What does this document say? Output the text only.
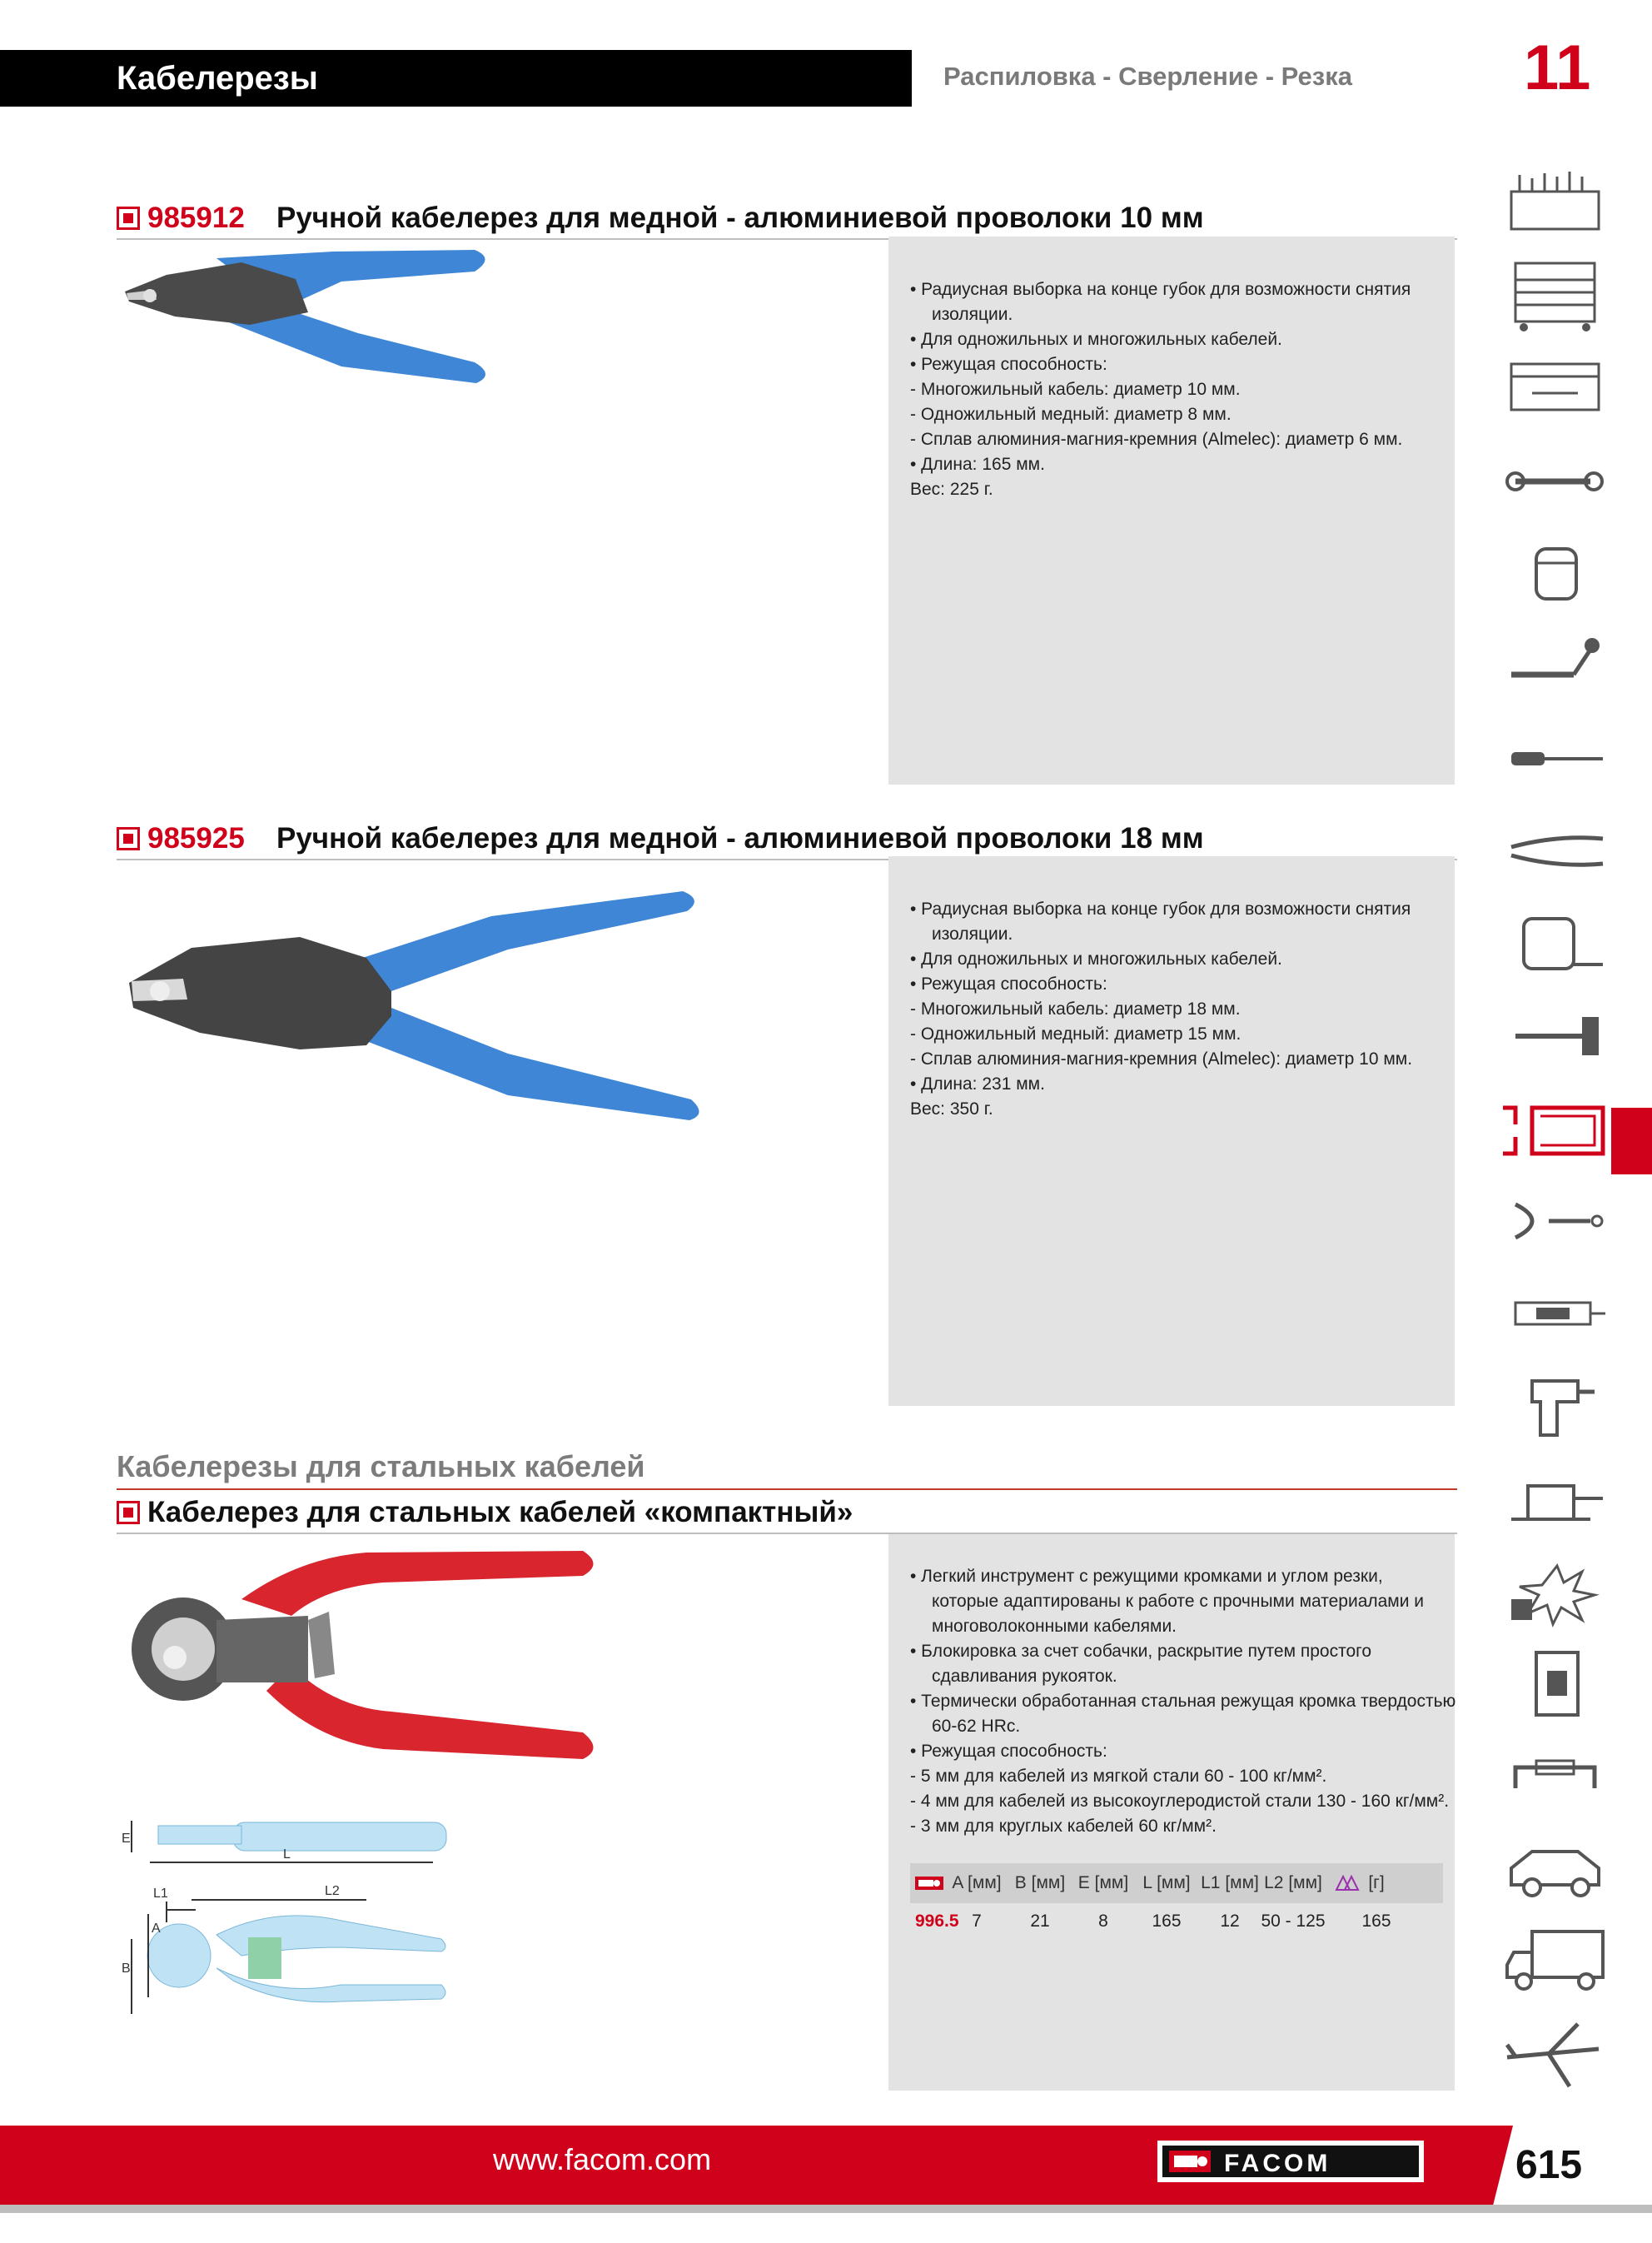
Кабелерезы	Распиловка - Сверление - Резка	11
985912 Ручной кабелерез для медной - алюминиевой проволоки 10 мм
• Радиусная выборка на конце губок для возможности снятия
изоляции.
• Для одножильных и многожильных кабелей.
• Режущая способность:
- Многожильный кабель: диаметр 10 мм.
- Одножильный медный: диаметр 8 мм.
- Сплав алюминия-магния-кремния (Almelec): диаметр 6 мм.
• Длина: 165 мм.
Вес: 225 г.
985925 Ручной кабелерез для медной - алюминиевой проволоки 18 мм
• Радиусная выборка на конце губок для возможности снятия
изоляции.
• Для одножильных и многожильных кабелей.
• Режущая способность:
- Многожильный кабель: диаметр 18 мм.
- Одножильный медный: диаметр 15 мм.
- Сплав алюминия-магния-кремния (Almelec): диаметр 10 мм.
• Длина: 231 мм.
Вес: 350 г.
Кабелерезы для стальных кабелей
Кабелерез для стальных кабелей «компактный»
E
L
L1	L2
A
B
• Легкий инструмент с режущими кромками и углом резки,
которые адаптированы к работе с прочными материалами и
многоволоконными кабелями.
• Блокировка за счет собачки, раскрытие путем простого
сдавливания рукояток.
• Термически обработанная стальная режущая кромка твердостью
60-62 HRc.
• Режущая способность:
- 5 мм для кабелей из мягкой стали 60 - 100 кг/мм².
- 4 мм для кабелей из высокоуглеродистой стали 130 - 160 кг/мм².
- 3 мм для круглых кабелей 60 кг/мм².
A [мм] B [мм] E [мм] L [мм] L1 [мм] L2 [мм]	[г]
996.5 7	21	8	165	12	50 - 125	165
www.facom.com	FACOM	615
